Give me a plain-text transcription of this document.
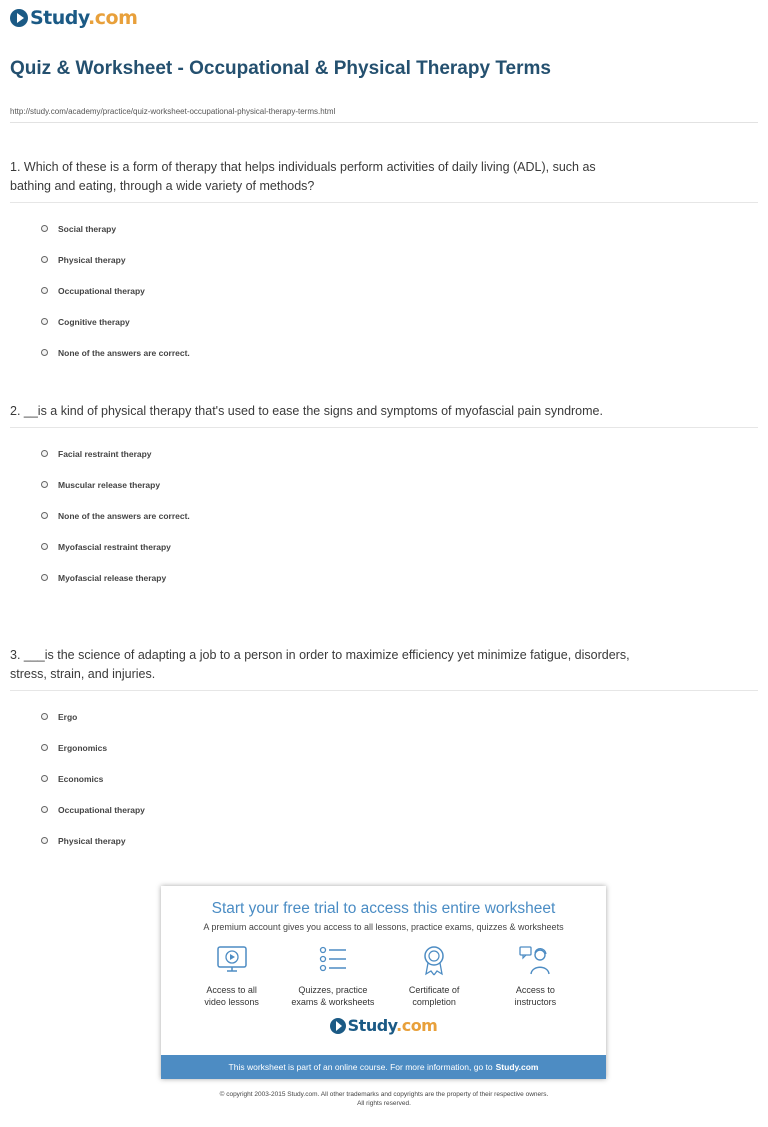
Study.com
Quiz & Worksheet - Occupational & Physical Therapy Terms
http://study.com/academy/practice/quiz-worksheet-occupational-physical-therapy-terms.html

1. Which of these is a form of therapy that helps individuals perform activities of daily living (ADL), such as bathing and eating, through a wide variety of methods?

Social therapy
Physical therapy
Occupational therapy
Cognitive therapy
None of the answers are correct.

2. __is a kind of physical therapy that's used to ease the signs and symptoms of myofascial pain syndrome.

Facial restraint therapy
Muscular release therapy
None of the answers are correct.
Myofascial restraint therapy
Myofascial release therapy

3. ___is the science of adapting a job to a person in order to maximize efficiency yet minimize fatigue, disorders, stress, strain, and injuries.

Ergo
Ergonomics
Economics
Occupational therapy
Physical therapy
Start your free trial to access this entire worksheet
A premium account gives you access to all lessons, practice exams, quizzes & worksheets
Access to all
video lessons
Quizzes, practice
exams & worksheets
Certificate of
completion
Access to
instructors
Study.com
This worksheet is part of an online course. For more information, go to Study.com
© copyright 2003-2015 Study.com. All other trademarks and copyrights are the property of their respective owners.
All rights reserved.
